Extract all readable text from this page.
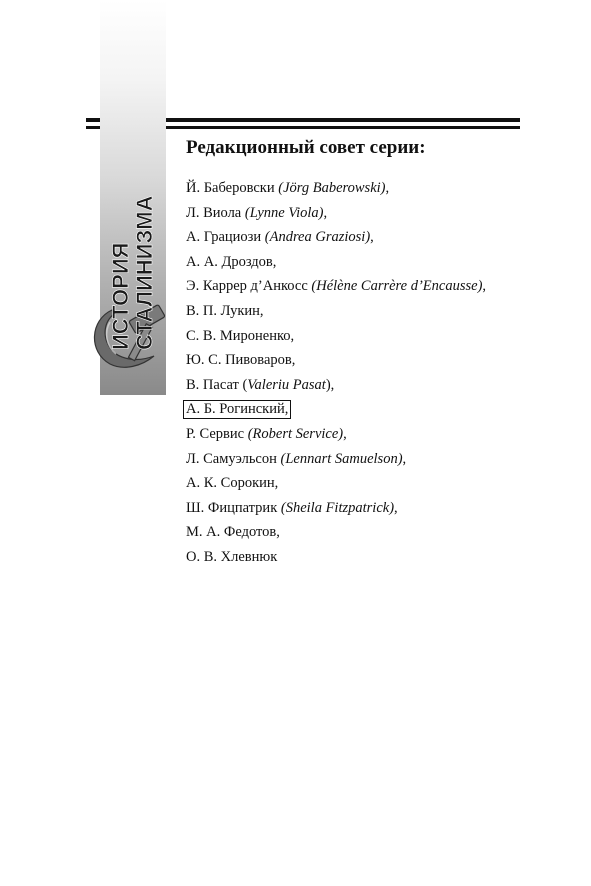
ИСТОРИЯ СТАЛИНИЗМА
Редакционный совет серии:
Й. Баберовски (Jörg Baberowski),
Л. Виола (Lynne Viola),
А. Грациози (Andrea Graziosi),
А. А. Дроздов,
Э. Каррер д’Анкосс (Hélène Carrère d’Encausse),
В. П. Лукин,
С. В. Мироненко,
Ю. С. Пивоваров,
В. Пасат (Valeriu Pasat),
А. Б. Рогинский,
Р. Сервис (Robert Service),
Л. Самуэльсон (Lennart Samuelson),
А. К. Сорокин,
Ш. Фицпатрик (Sheila Fitzpatrick),
М. А. Федотов,
О. В. Хлевнюк
